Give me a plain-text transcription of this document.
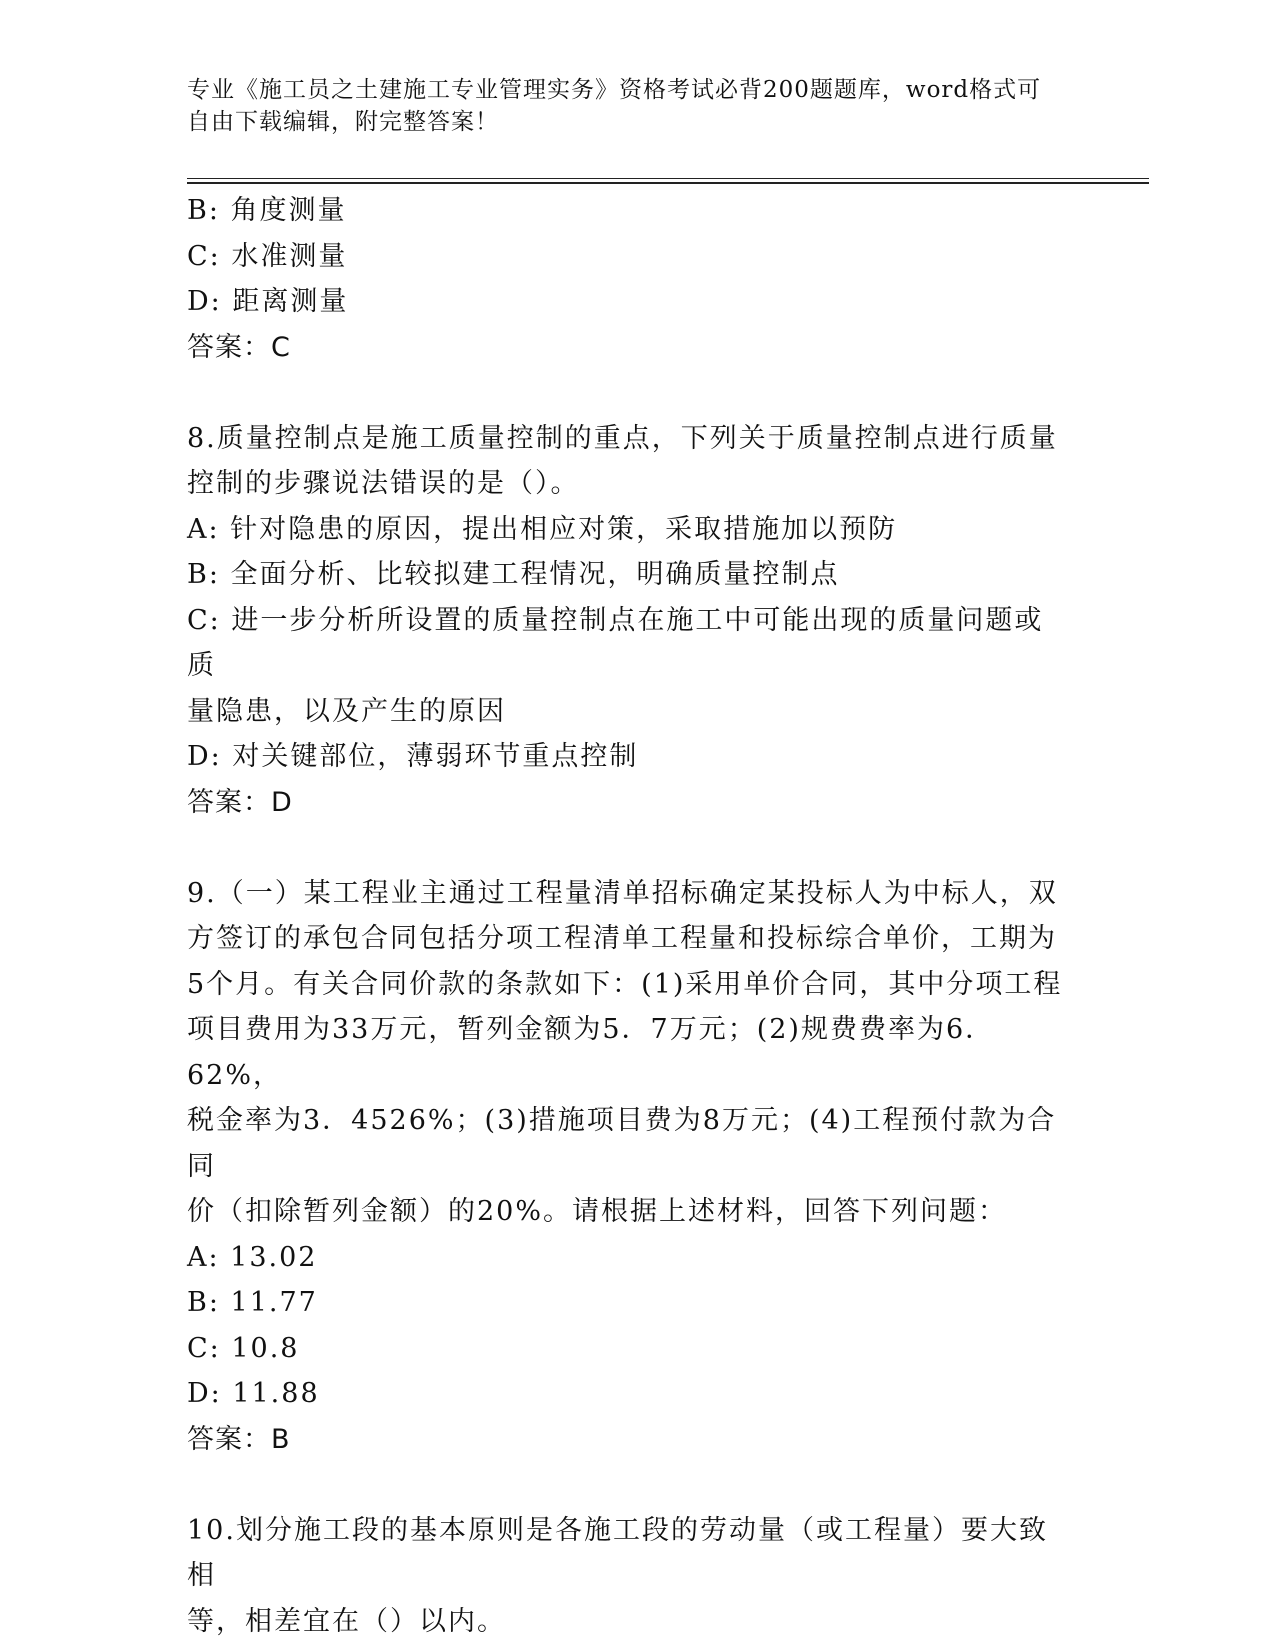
专业《施工员之土建施工专业管理实务》资格考试必背200题题库，word格式可
自由下载编辑，附完整答案！
B: 角度测量
C: 水准测量
D: 距离测量
答案：C
8.质量控制点是施工质量控制的重点，下列关于质量控制点进行质量
控制的步骤说法错误的是（）。
A: 针对隐患的原因，提出相应对策，采取措施加以预防
B: 全面分析、比较拟建工程情况，明确质量控制点
C: 进一步分析所设置的质量控制点在施工中可能出现的质量问题或质
量隐患，以及产生的原因
D: 对关键部位，薄弱环节重点控制
答案：D
9.（一）某工程业主通过工程量清单招标确定某投标人为中标人，双
方签订的承包合同包括分项工程清单工程量和投标综合单价，工期为
5个月。有关合同价款的条款如下：(1)采用单价合同，其中分项工程
项目费用为33万元，暂列金额为5．7万元；(2)规费费率为6．62%，
税金率为3．4526%；(3)措施项目费为8万元；(4)工程预付款为合同
价（扣除暂列金额）的20%。请根据上述材料，回答下列问题：
A: 13.02
B: 11.77
C: 10.8
D: 11.88
答案：B
10.划分施工段的基本原则是各施工段的劳动量（或工程量）要大致相
等，相差宜在（）以内。
